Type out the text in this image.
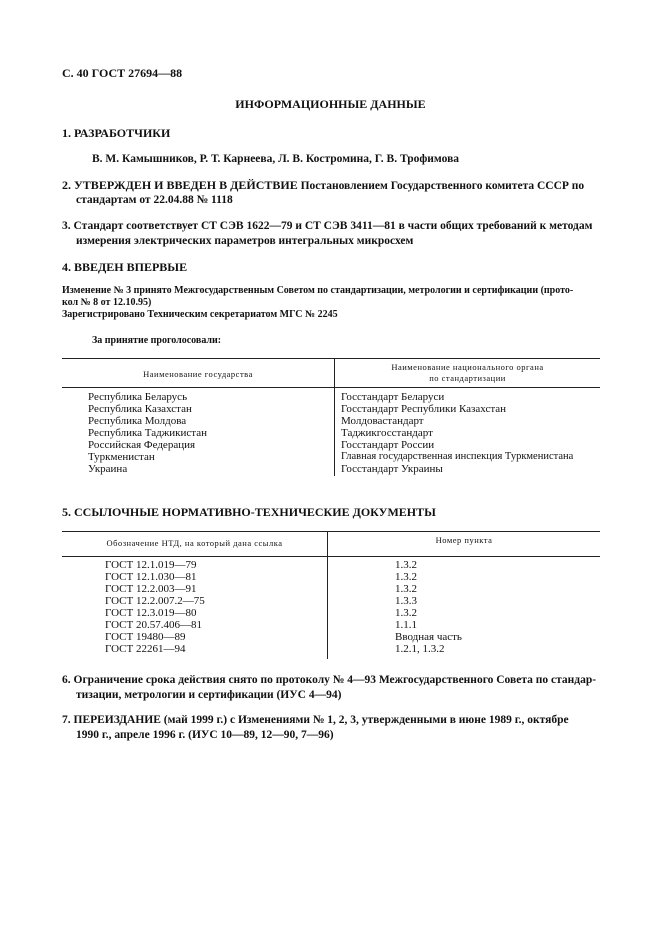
С. 40 ГОСТ 27694—88
ИНФОРМАЦИОННЫЕ ДАННЫЕ
1. РАЗРАБОТЧИКИ
В. М. Камышников, Р. Т. Карнеева, Л. В. Костромина, Г. В. Трофимова
2. УТВЕРЖДЕН И ВВЕДЕН В ДЕЙСТВИЕ Постановлением Государственного комитета СССР по
стандартам от 22.04.88 № 1118
3. Стандарт соответствует СТ СЭВ 1622—79 и СТ СЭВ 3411—81 в части общих требований к методам
измерения электрических параметров интегральных микросхем
4. ВВЕДЕН ВПЕРВЫЕ
Изменение № 3 принято Межгосударственным Советом по стандартизации, метрологии и сертификации (прото-
кол № 8 от 12.10.95)
Зарегистрировано Техническим секретариатом МГС № 2245
За принятие проголосовали:
Наименование государства
Наименование национального органа
по стандартизации
Республика Беларусь
Республика Казахстан
Республика Молдова
Республика Таджикистан
Российская Федерация
Туркменистан
Украина
Госстандарт Беларуси
Госстандарт Республики Казахстан
Молдовастандарт
Таджикгосстандарт
Госстандарт России
Главная государственная инспекция Туркменистана
Госстандарт Украины
5. ССЫЛОЧНЫЕ НОРМАТИВНО-ТЕХНИЧЕСКИЕ ДОКУМЕНТЫ
Обозначение НТД, на который дана ссылка	Номер пункта
ГОСТ 12.1.019—79
ГОСТ 12.1.030—81
ГОСТ 12.2.003—91
ГОСТ 12.2.007.2—75
ГОСТ 12.3.019—80
ГОСТ 20.57.406—81
ГОСТ 19480—89
ГОСТ 22261—94
1.3.2
1.3.2
1.3.2
1.3.3
1.3.2
1.1.1
Вводная часть
1.2.1, 1.3.2
6. Ограничение срока действия снято по протоколу № 4—93 Межгосударственного Совета по стандар-
тизации, метрологии и сертификации (ИУС 4—94)
7. ПЕРЕИЗДАНИЕ (май 1999 г.) с Изменениями № 1, 2, 3, утвержденными в июне 1989 г., октябре
1990 г., апреле 1996 г. (ИУС 10—89, 12—90, 7—96)
